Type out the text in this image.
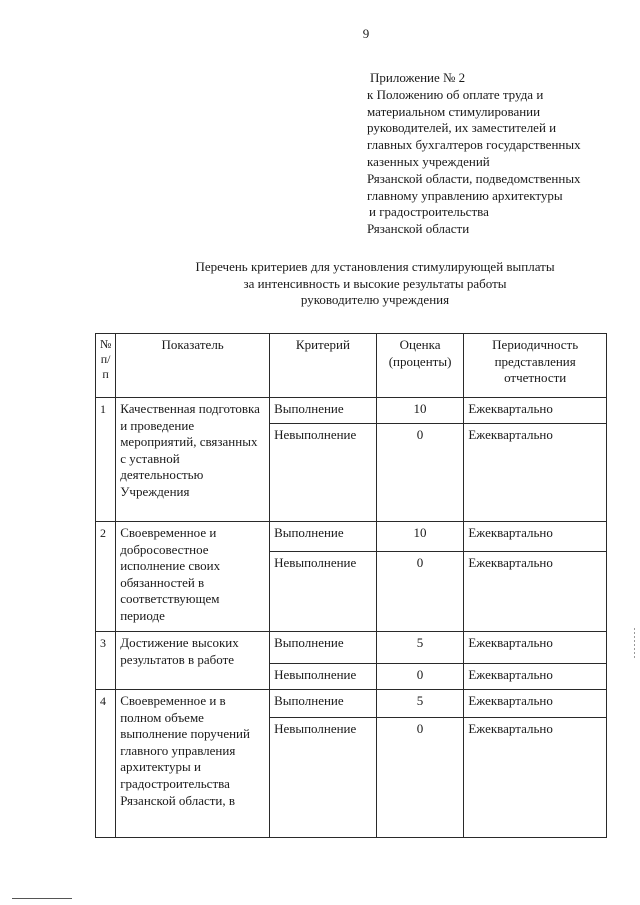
9
Приложение № 2
к Положению об оплате труда и
материальном стимулировании
руководителей, их заместителей и
главных бухгалтеров государственных
казенных учреждений
Рязанской области, подведомственных
главному управлению архитектуры
и градостроительства
Рязанской области
Перечень критериев для установления стимулирующей выплаты
за интенсивность и высокие результаты работы
руководителю учреждения
№ п/п	Показатель	Критерий	Оценка (проценты)	Периодичность представления отчетности
1	Качественная подготовка и проведение мероприятий, связанных с уставной деятельностью Учреждения	Выполнение	10	Ежеквартально
		Невыполнение	0	Ежеквартально
2	Своевременное и добросовестное исполнение своих обязанностей в соответствующем периоде	Выполнение	10	Ежеквартально
		Невыполнение	0	Ежеквартально
3	Достижение высоких результатов в работе	Выполнение	5	Ежеквартально
		Невыполнение	0	Ежеквартально
4	Своевременное и в полном объеме выполнение поручений главного управления архитектуры и градостроительства Рязанской области, в	Выполнение	5	Ежеквартально
		Невыполнение	0	Ежеквартально
